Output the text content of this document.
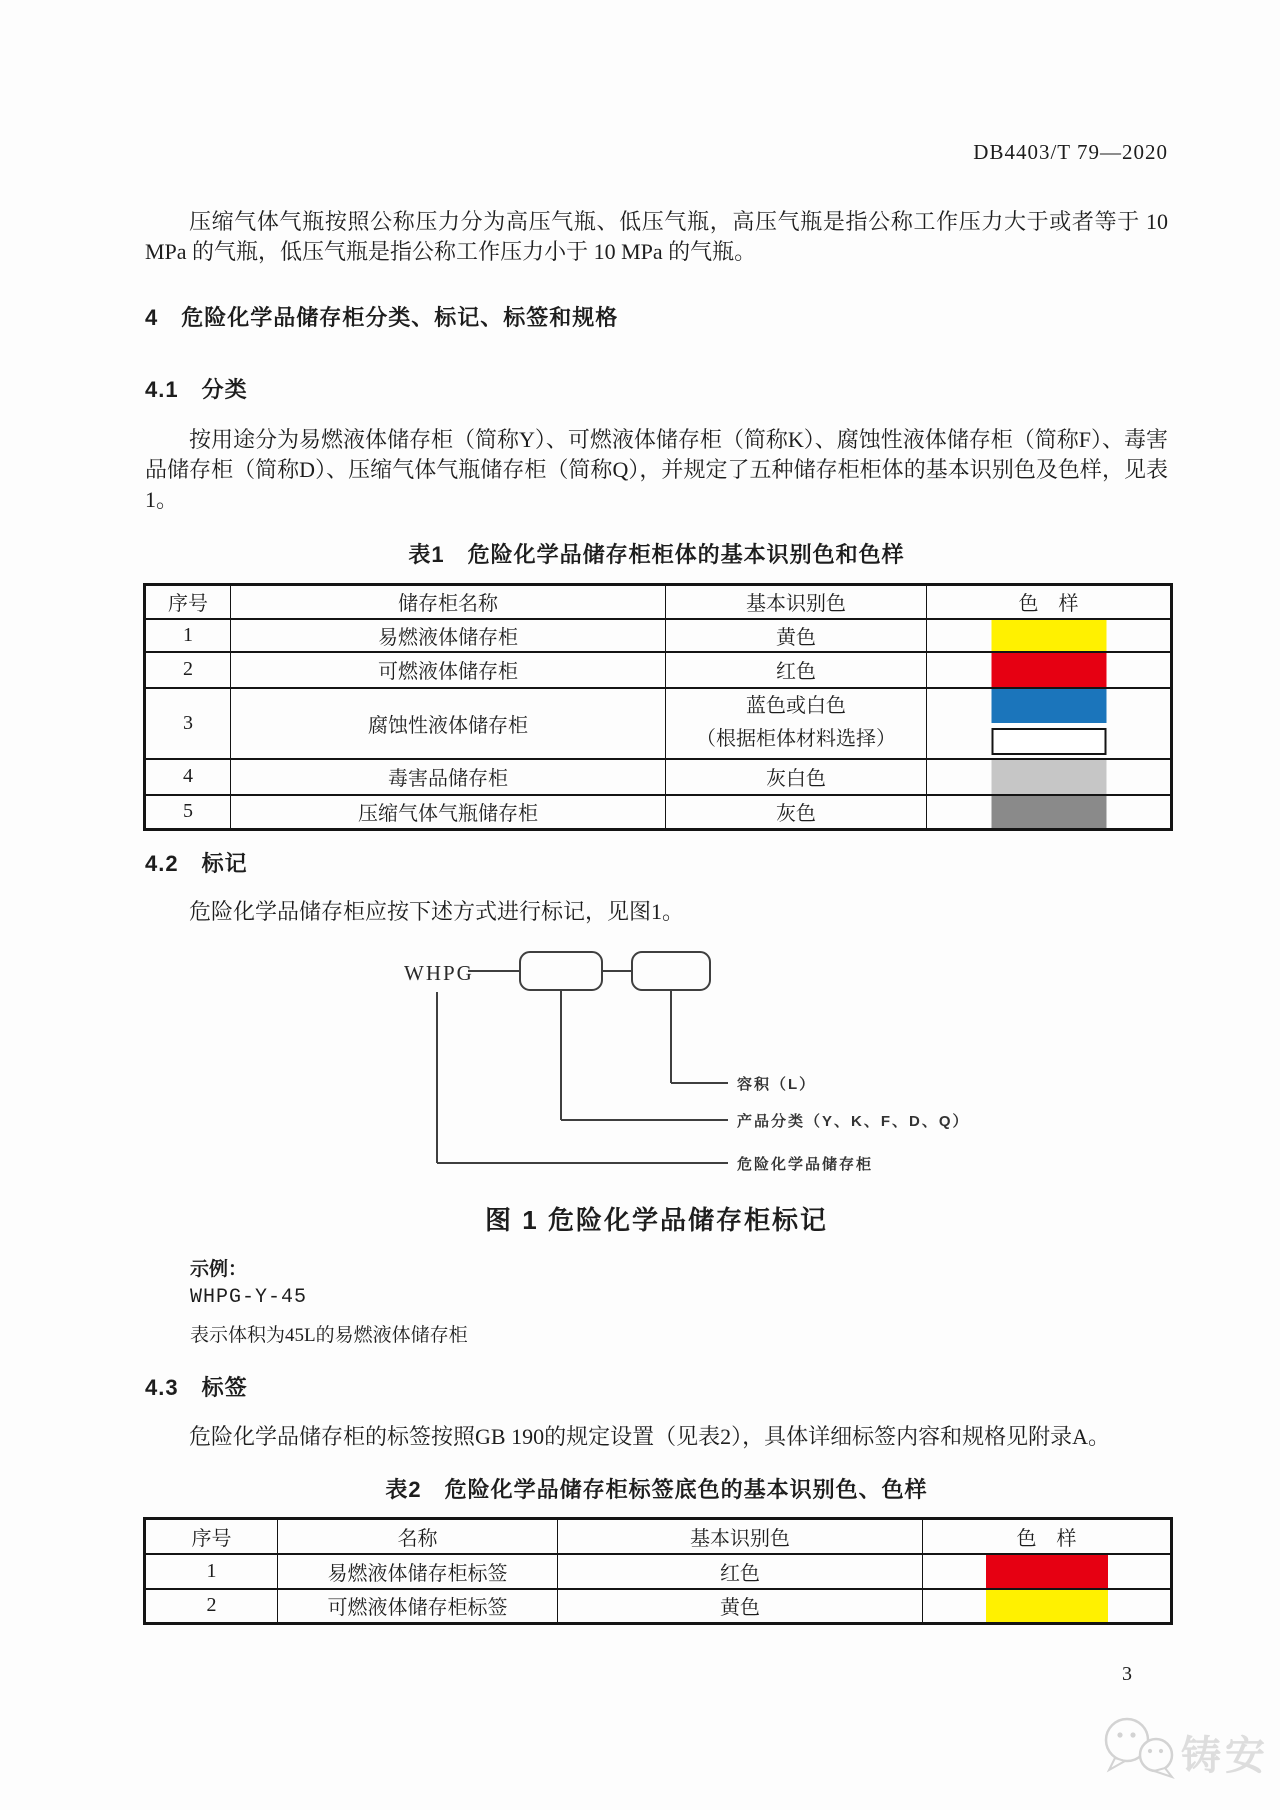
DB4403/T 79—2020

压缩气体气瓶按照公称压力分为高压气瓶、低压气瓶，高压气瓶是指公称工作压力大于或者等于 10 MPa 的气瓶，低压气瓶是指公称工作压力小于 10 MPa 的气瓶。

4　危险化学品储存柜分类、标记、标签和规格
4.1　分类

按用途分为易燃液体储存柜（简称Y）、可燃液体储存柜（简称K）、腐蚀性液体储存柜（简称F）、毒害品储存柜（简称D）、压缩气体气瓶储存柜（简称Q），并规定了五种储存柜柜体的基本识别色及色样，见表1。

表1　危险化学品储存柜柜体的基本识别色和色样
序号	储存柜名称	基本识别色	色　样
1	易燃液体储存柜	黄色	

2	可燃液体储存柜	红色	

3	腐蚀性液体储存柜	蓝色或白色
（根据柜体材料选择）	

4	毒害品储存柜	灰白色	

5	压缩气体气瓶储存柜	灰色	
4.2　标记

危险化学品储存柜应按下述方式进行标记，见图1。

WHPG
容积（L）
产品分类（Y、K、F、D、Q）
危险化学品储存柜
图 1 危险化学品储存柜标记
示例：
WHPG-Y-45
表示体积为45L的易燃液体储存柜
4.3　标签

危险化学品储存柜的标签按照GB 190的规定设置（见表2），具体详细标签内容和规格见附录A。

表2　危险化学品储存柜标签底色的基本识别色、色样
序号	名称	基本识别色	色　样
1	易燃液体储存柜标签	红色	

2	可燃液体储存柜标签	黄色	
3
铸安
